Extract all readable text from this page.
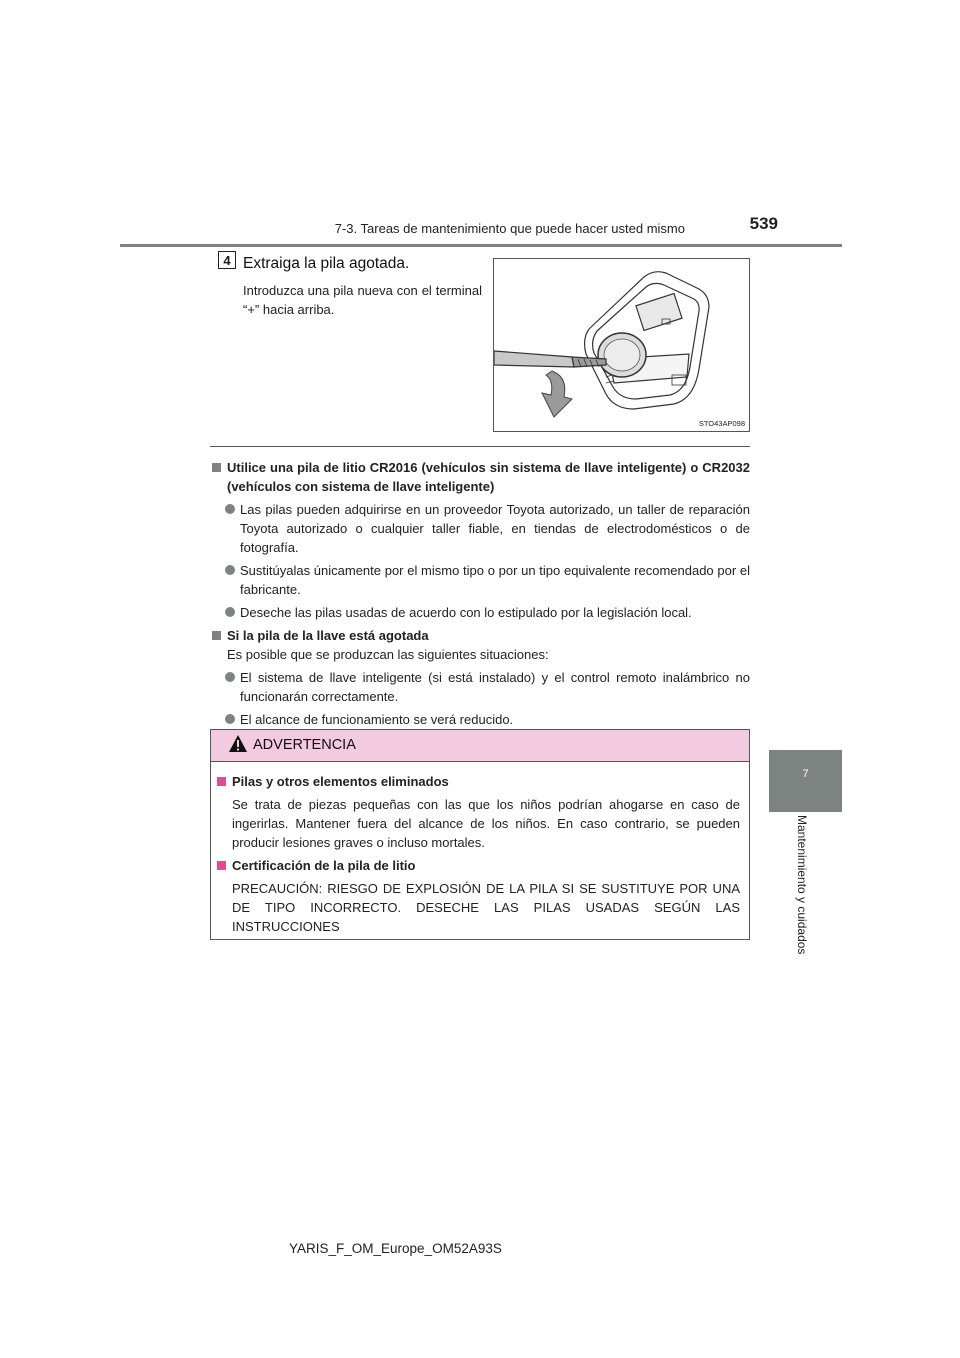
7-3. Tareas de mantenimiento que puede hacer usted mismo	539
7
Mantenimiento y cuidados
4 Extraiga la pila agotada.
Introduzca una pila nueva con el terminal “+” hacia arriba.
STO43AP098
Utilice una pila de litio CR2016 (vehículos sin sistema de llave inteligente) o CR2032 (vehículos con sistema de llave inteligente)
Las pilas pueden adquirirse en un proveedor Toyota autorizado, un taller de reparación Toyota autorizado o cualquier taller fiable, en tiendas de electrodomésticos o de fotografía.
Sustitúyalas únicamente por el mismo tipo o por un tipo equivalente recomendado por el fabricante.
Deseche las pilas usadas de acuerdo con lo estipulado por la legislación local.
Si la pila de la llave está agotada
Es posible que se produzcan las siguientes situaciones:
El sistema de llave inteligente (si está instalado) y el control remoto inalámbrico no funcionarán correctamente.
El alcance de funcionamiento se verá reducido.
ADVERTENCIA
Pilas y otros elementos eliminados
Se trata de piezas pequeñas con las que los niños podrían ahogarse en caso de ingerirlas. Mantener fuera del alcance de los niños. En caso contrario, se pueden producir lesiones graves o incluso mortales.
Certificación de la pila de litio
PRECAUCIÓN: RIESGO DE EXPLOSIÓN DE LA PILA SI SE SUSTITUYE POR UNA DE TIPO INCORRECTO. DESECHE LAS PILAS USADAS SEGÚN LAS INSTRUCCIONES
YARIS_F_OM_Europe_OM52A93S
